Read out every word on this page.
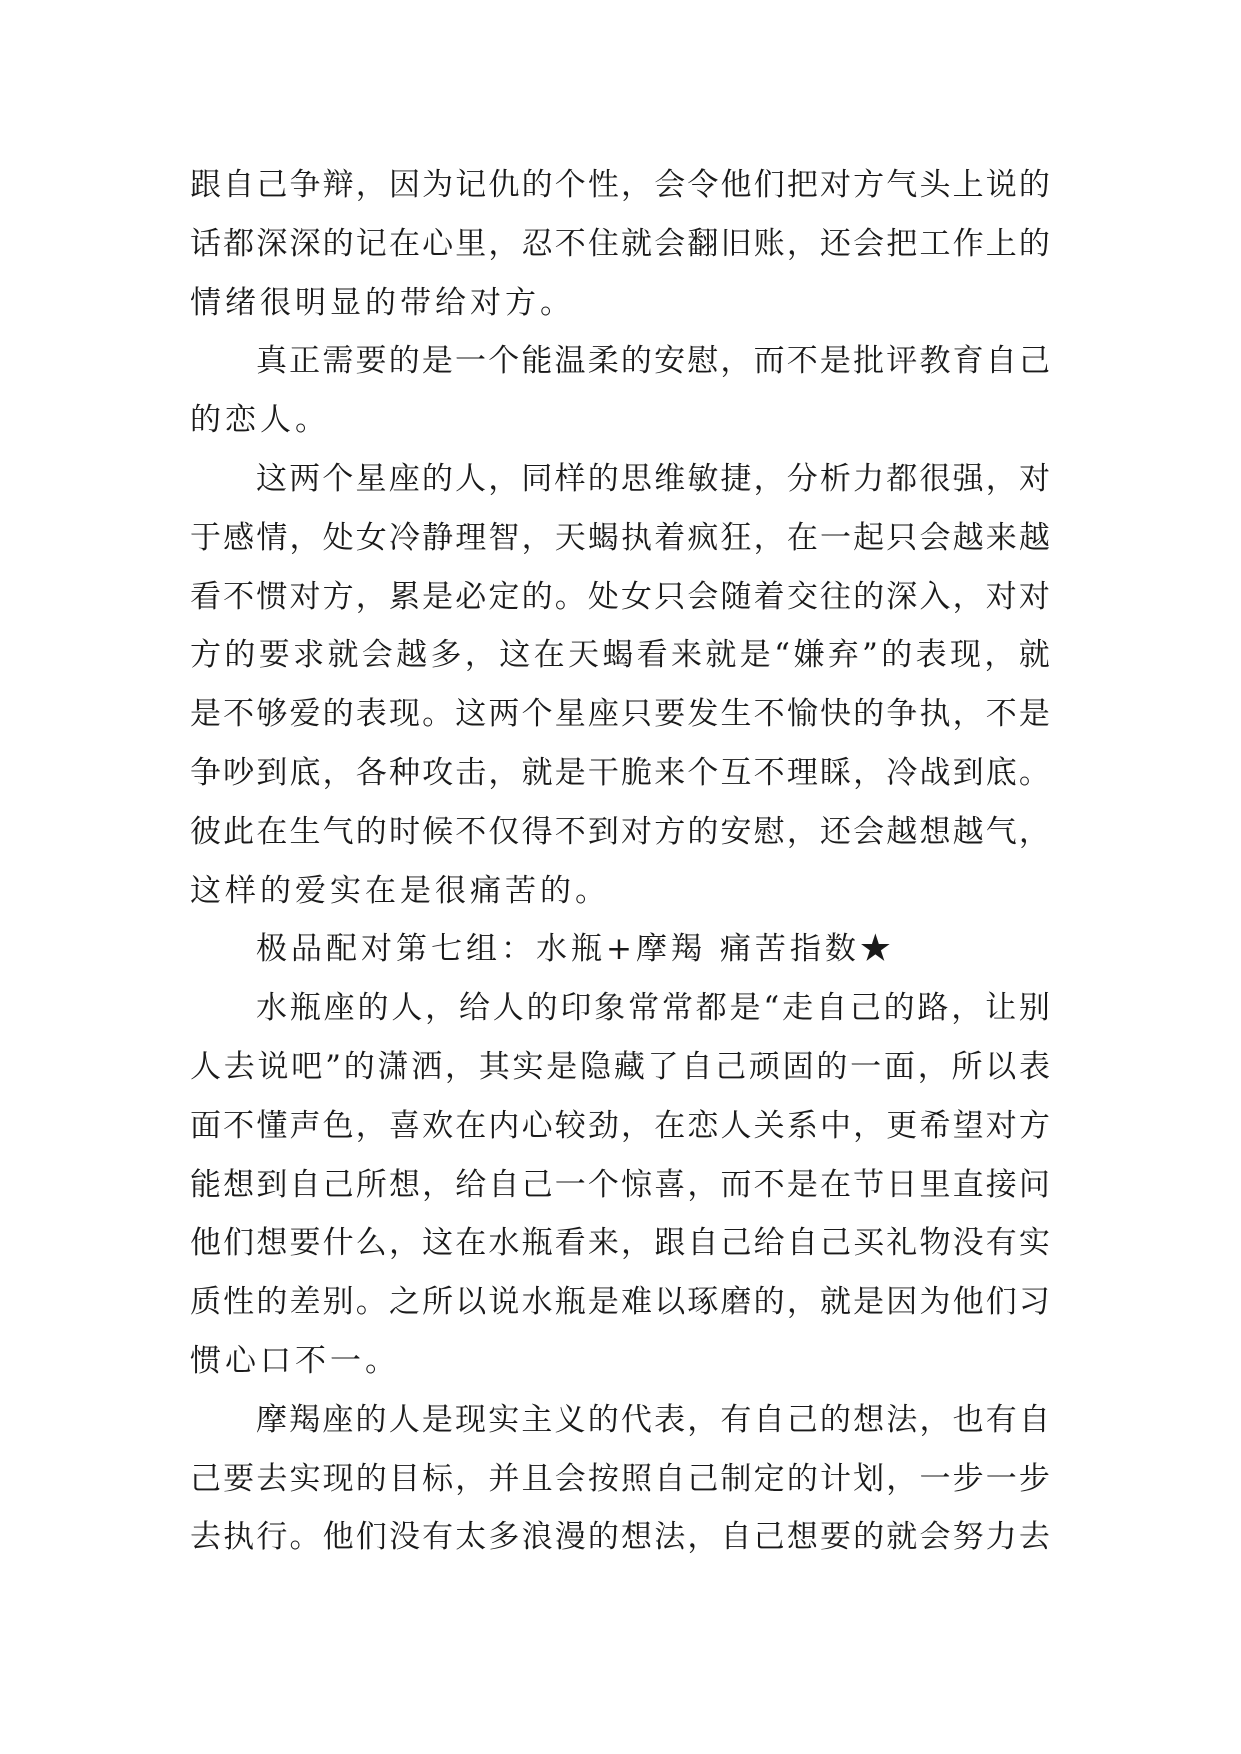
跟 自 己 争 辩 ， 因 为 记 仇 的 个 性 ， 会 令 他 们 把 对 方 气 头 上 说 的
话 都 深 深 的 记 在 心 里 ， 忍 不 住 就 会 翻 旧 账 ， 还 会 把 工 作 上 的
情绪很明显的带给对方。
真 正 需 要 的 是 一 个 能 温 柔 的 安 慰 ， 而 不 是 批 评 教 育 自 己
的恋人。
这 两 个 星 座 的 人 ， 同 样 的 思 维 敏 捷 ， 分 析 力 都 很 强 ， 对
于 感 情 ， 处 女 冷 静 理 智 ， 天 蝎 执 着 疯 狂 ， 在 一 起 只 会 越 来 越
看 不 惯 对 方 ， 累 是 必 定 的 。 处 女 只 会 随 着 交 往 的 深 入 ， 对 对
方 的 要 求 就 会 越 多 ， 这 在 天 蝎 看 来 就 是 “ 嫌 弃 ” 的 表 现 ， 就
是 不 够 爱 的 表 现 。 这 两 个 星 座 只 要 发 生 不 愉 快 的 争 执 ， 不 是
争 吵 到 底 ， 各 种 攻 击 ， 就 是 干 脆 来 个 互 不 理 睬 ， 冷 战 到 底 。
彼 此 在 生 气 的 时 候 不 仅 得 不 到 对 方 的 安 慰 ， 还 会 越 想 越 气 ，
这样的爱实在是很痛苦的。
极品配对第七组：水瓶+摩羯 痛苦指数★
水 瓶 座 的 人 ， 给 人 的 印 象 常 常 都 是 “ 走 自 己 的 路 ， 让 别
人 去 说 吧 ” 的 潇 洒 ， 其 实 是 隐 藏 了 自 己 顽 固 的 一 面 ， 所 以 表
面 不 懂 声 色 ， 喜 欢 在 内 心 较 劲 ， 在 恋 人 关 系 中 ， 更 希 望 对 方
能 想 到 自 己 所 想 ， 给 自 己 一 个 惊 喜 ， 而 不 是 在 节 日 里 直 接 问
他 们 想 要 什 么 ， 这 在 水 瓶 看 来 ， 跟 自 己 给 自 己 买 礼 物 没 有 实
质 性 的 差 别 。 之 所 以 说 水 瓶 是 难 以 琢 磨 的 ， 就 是 因 为 他 们 习
惯心口不一。
摩 羯 座 的 人 是 现 实 主 义 的 代 表 ， 有 自 己 的 想 法 ， 也 有 自
己 要 去 实 现 的 目 标 ， 并 且 会 按 照 自 己 制 定 的 计 划 ， 一 步 一 步
去 执 行 。 他 们 没 有 太 多 浪 漫 的 想 法 ， 自 己 想 要 的 就 会 努 力 去
